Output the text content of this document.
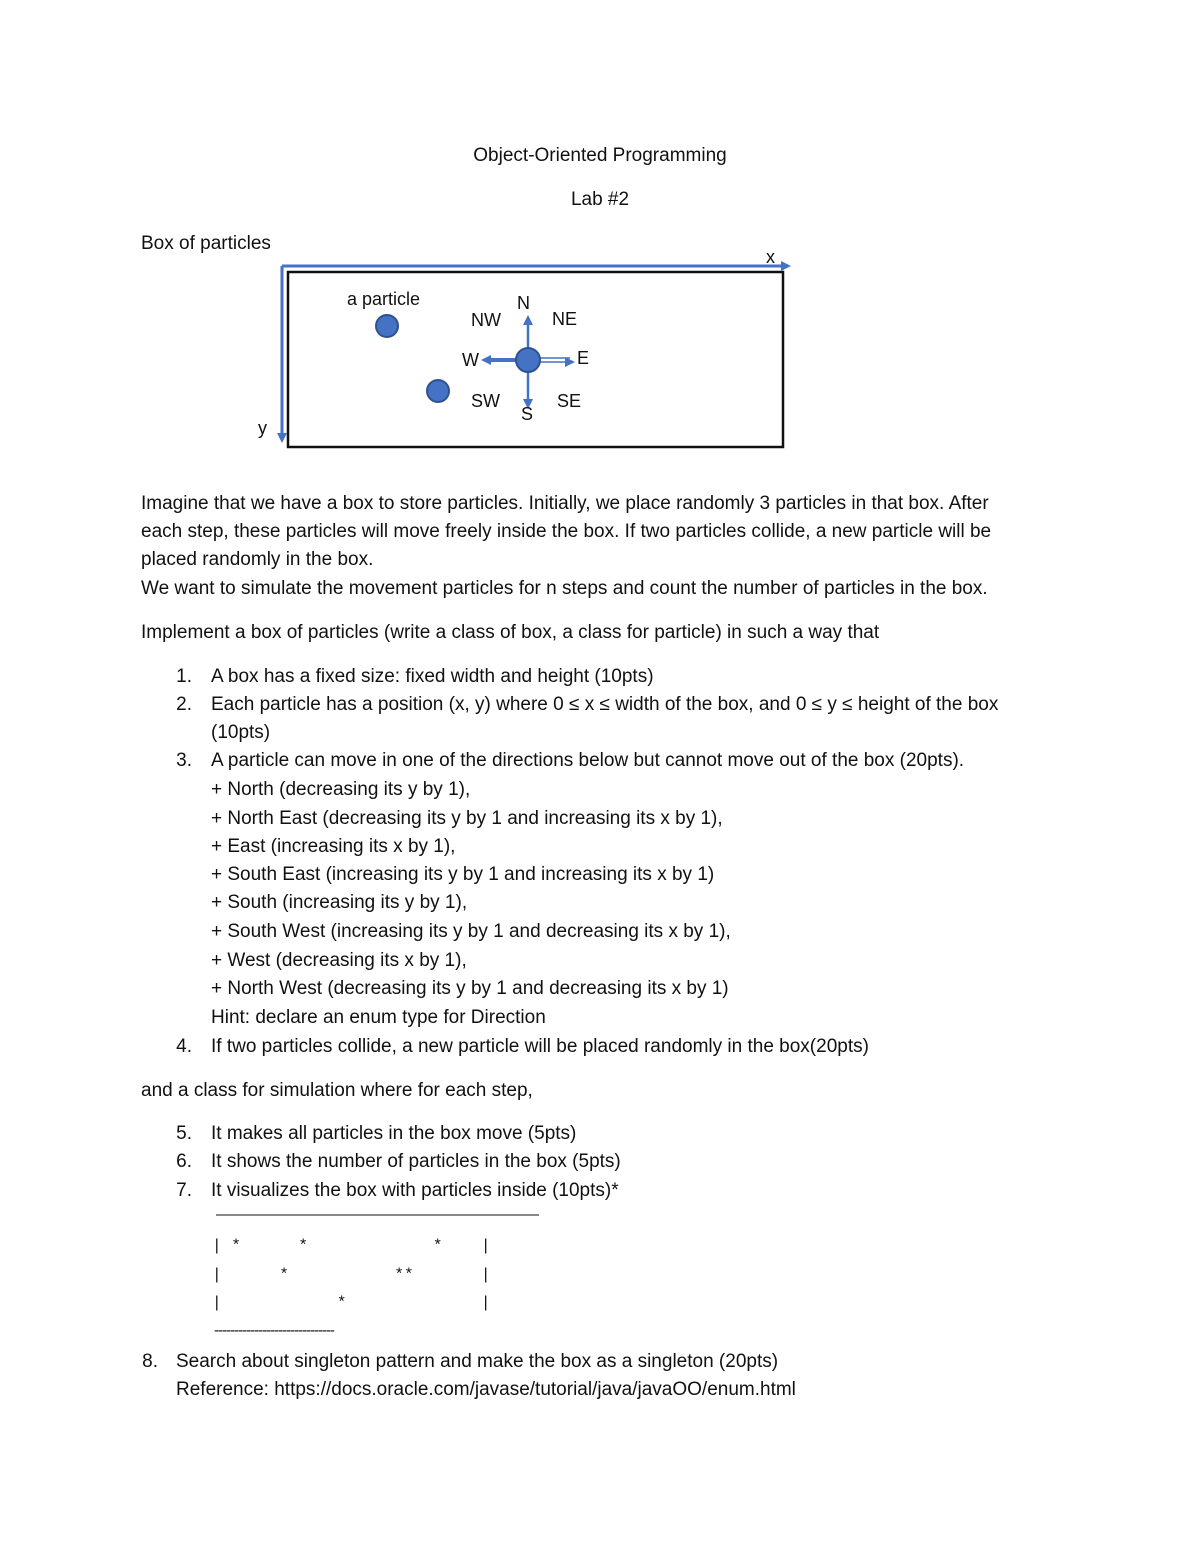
Object-Oriented Programming
Lab #2
Box of particles
x
y
a particle	N
NW	NE
W	E
SW	SE
S
Imagine that we have a box to store particles. Initially, we place randomly 3 particles in that box. After
each step, these particles will move freely inside the box. If two particles collide, a new particle will be
placed randomly in the box.
We want to simulate the movement particles for n steps and count the number of particles in the box.
Implement a box of particles (write a class of box, a class for particle) in such a way that
1. A box has a fixed size: fixed width and height (10pts)
2. Each particle has a position (x, y) where 0 ≤ x ≤ width of the box, and 0 ≤ y ≤ height of the box
(10pts)
3. A particle can move in one of the directions below but cannot move out of the box (20pts).
+ North (decreasing its y by 1),
+ North East (decreasing its y by 1 and increasing its x by 1),
+ East (increasing its x by 1),
+ South East (increasing its y by 1 and increasing its x by 1)
+ South (increasing its y by 1),
+ South West (increasing its y by 1 and decreasing its x by 1),
+ West (decreasing its x by 1),
+ North West (decreasing its y by 1 and decreasing its x by 1)
Hint: declare an enum type for Direction
4. If two particles collide, a new particle will be placed randomly in the box(20pts)
and a class for simulation where for each step,
5. It makes all particles in the box move (5pts)
6. It shows the number of particles in the box (5pts)
7. It visualizes the box with particles inside (10pts)*
———————————————————————
| *      *             *    |
|      *           **       |
|            *              |
------------------------------
8. Search about singleton pattern and make the box as a singleton (20pts)
Reference: https://docs.oracle.com/javase/tutorial/java/javaOO/enum.html
